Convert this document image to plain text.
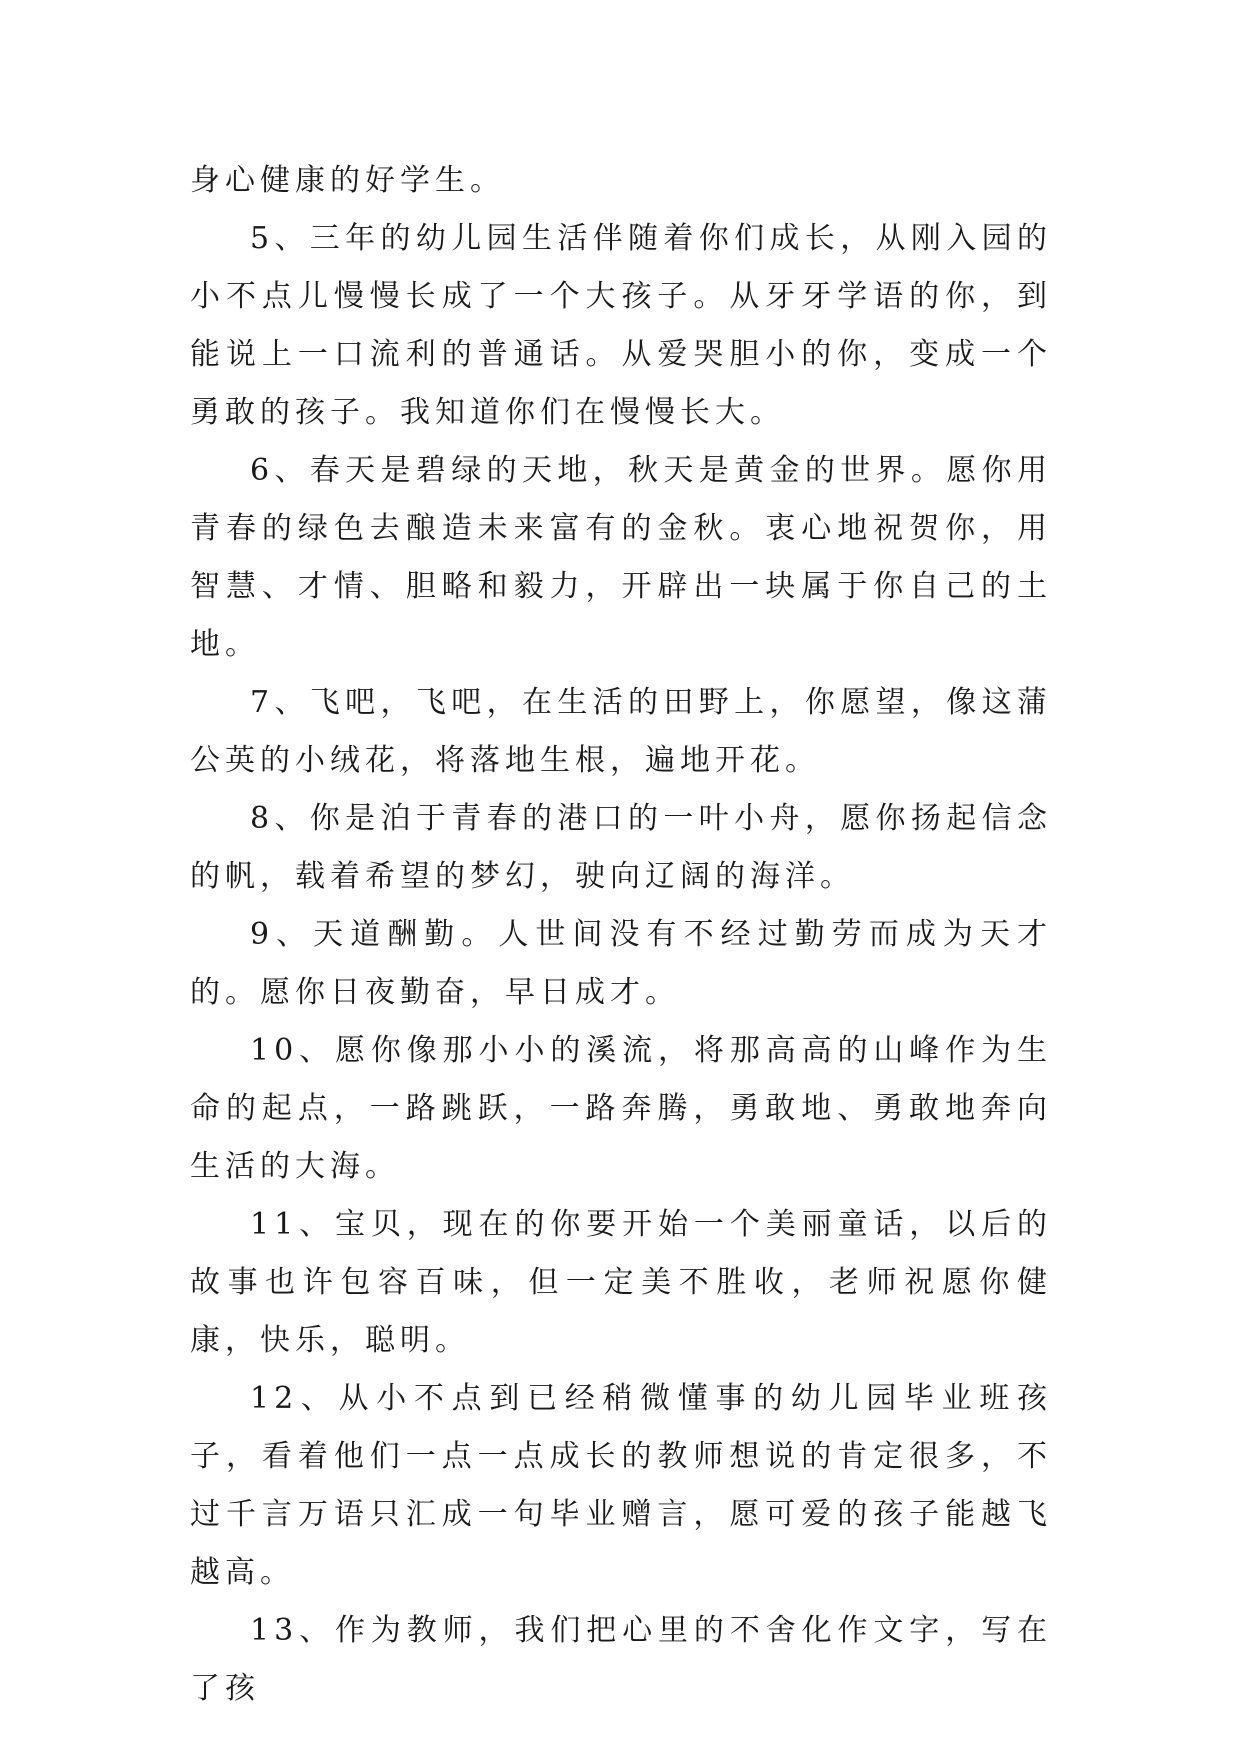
身心健康的好学生。

5、三年的幼儿园生活伴随着你们成长，从刚入园的小不点儿慢慢长成了一个大孩子。从牙牙学语的你，到能说上一口流利的普通话。从爱哭胆小的你，变成一个勇敢的孩子。我知道你们在慢慢长大。

6、春天是碧绿的天地，秋天是黄金的世界。愿你用青春的绿色去酿造未来富有的金秋。衷心地祝贺你，用智慧、才情、胆略和毅力，开辟出一块属于你自己的土地。

7、飞吧，飞吧，在生活的田野上，你愿望，像这蒲公英的小绒花，将落地生根，遍地开花。

8、你是泊于青春的港口的一叶小舟，愿你扬起信念的帆，载着希望的梦幻，驶向辽阔的海洋。

9、天道酬勤。人世间没有不经过勤劳而成为天才的。愿你日夜勤奋，早日成才。

10、愿你像那小小的溪流，将那高高的山峰作为生命的起点，一路跳跃，一路奔腾，勇敢地、勇敢地奔向生活的大海。

11、宝贝，现在的你要开始一个美丽童话，以后的故事也许包容百味，但一定美不胜收，老师祝愿你健康，快乐，聪明。

12、从小不点到已经稍微懂事的幼儿园毕业班孩子，看着他们一点一点成长的教师想说的肯定很多，不过千言万语只汇成一句毕业赠言，愿可爱的孩子能越飞越高。

13、作为教师，我们把心里的不舍化作文字，写在了孩
